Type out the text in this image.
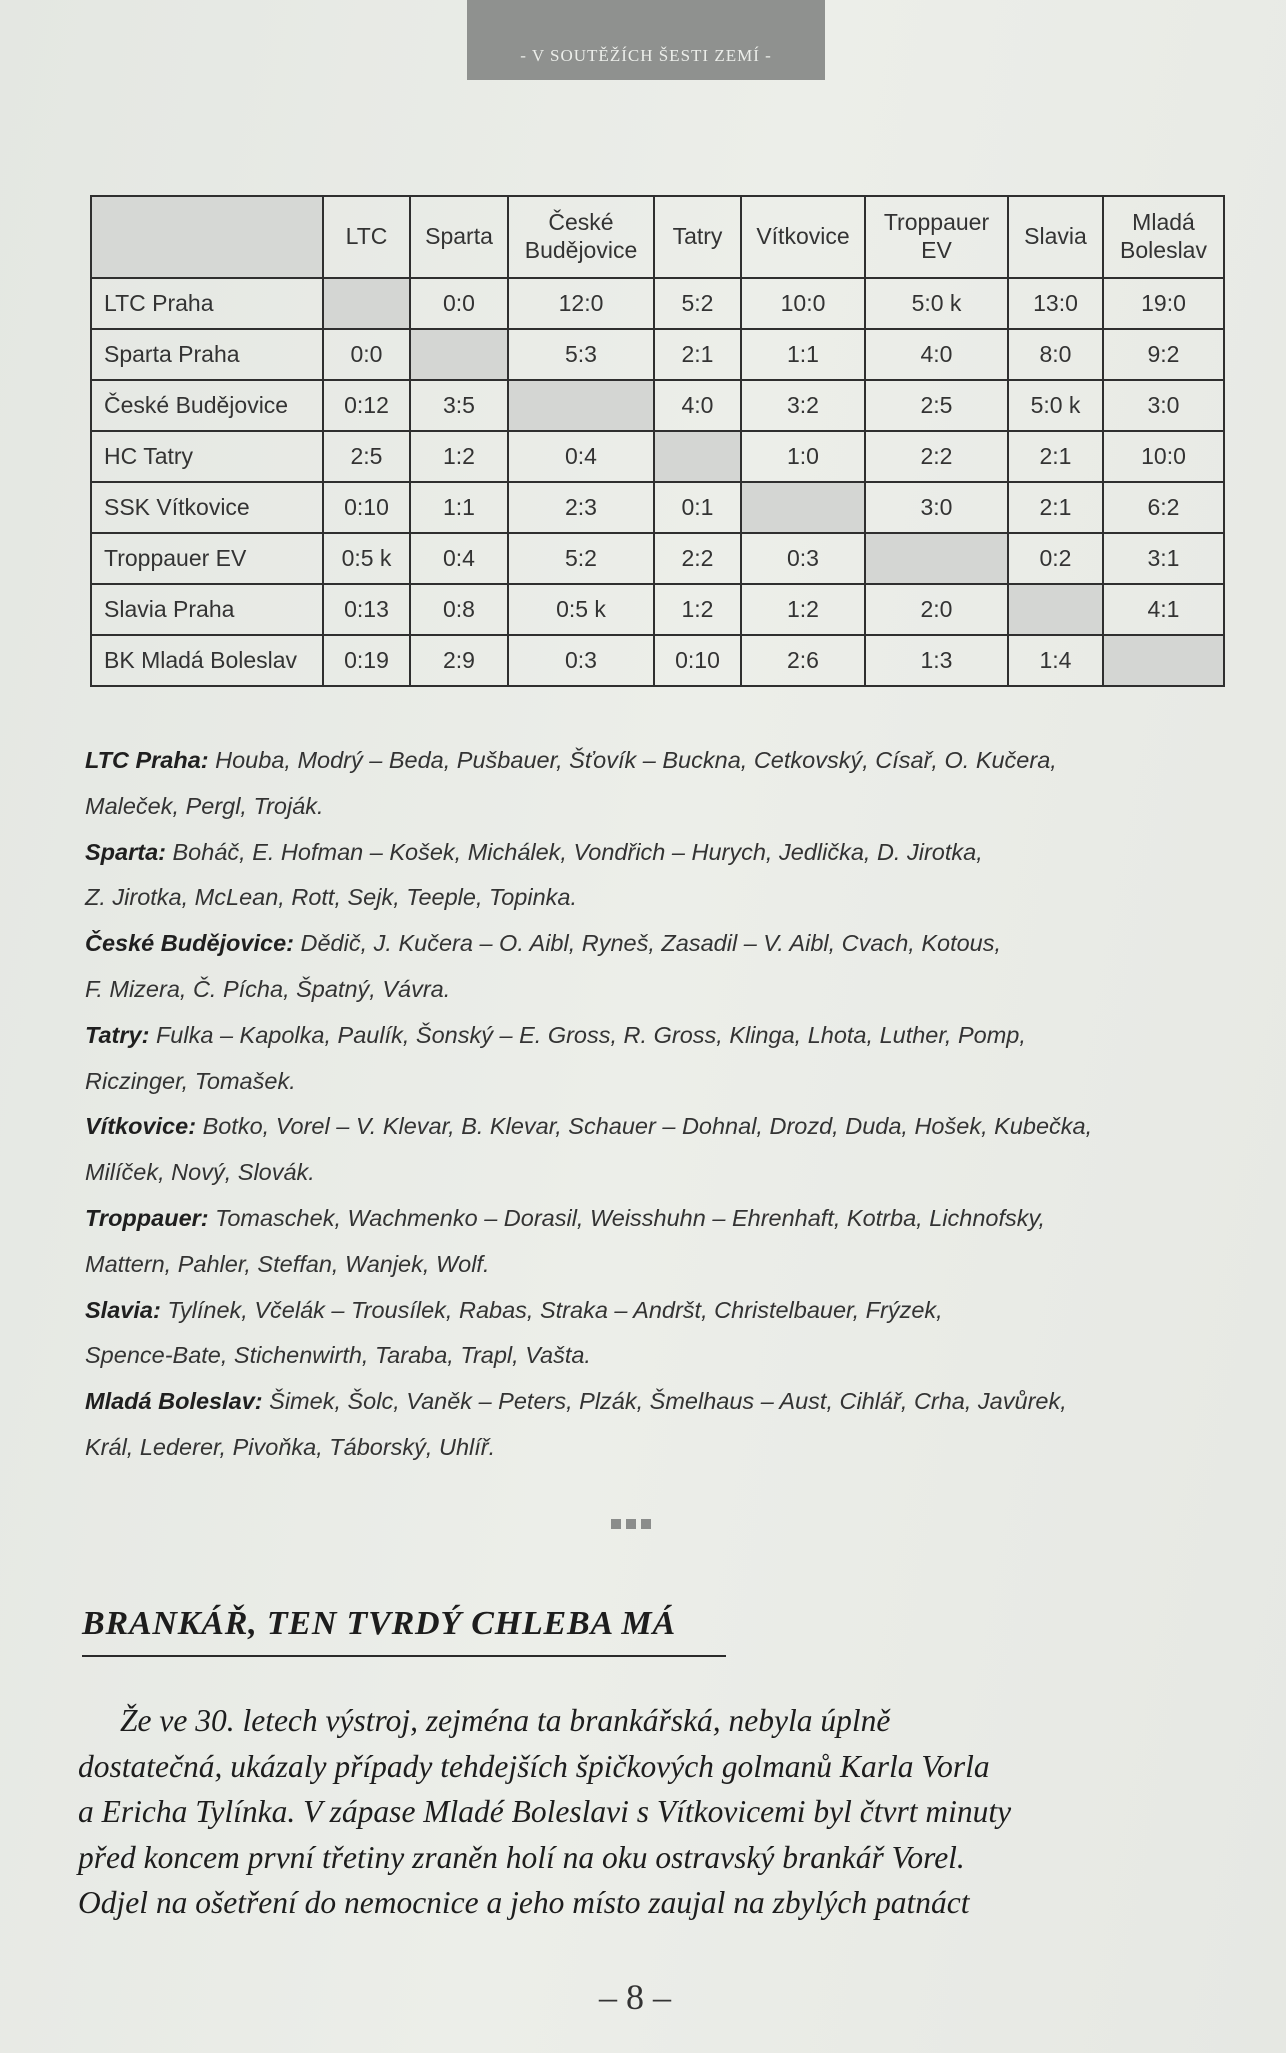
- V SOUTĚŽÍCH ŠESTI ZEMÍ -
	LTC	Sparta	České Budějovice	Tatry	Vítkovice	Troppauer EV	Slavia	Mladá Boleslav
LTC Praha		0:0	12:0	5:2	10:0	5:0 k	13:0	19:0
Sparta Praha	0:0		5:3	2:1	1:1	4:0	8:0	9:2
České Budějovice	0:12	3:5		4:0	3:2	2:5	5:0 k	3:0
HC Tatry	2:5	1:2	0:4		1:0	2:2	2:1	10:0
SSK Vítkovice	0:10	1:1	2:3	0:1		3:0	2:1	6:2
Troppauer EV	0:5 k	0:4	5:2	2:2	0:3		0:2	3:1
Slavia Praha	0:13	0:8	0:5 k	1:2	1:2	2:0		4:1
BK Mladá Boleslav	0:19	2:9	0:3	0:10	2:6	1:3	1:4	
LTC Praha: Houba, Modrý – Beda, Pušbauer, Šťovík – Buckna, Cetkovský, Císař, O. Kučera,
Maleček, Pergl, Troják.
Sparta: Boháč, E. Hofman – Košek, Michálek, Vondřich – Hurych, Jedlička, D. Jirotka,
Z. Jirotka, McLean, Rott, Sejk, Teeple, Topinka.
České Budějovice: Dědič, J. Kučera – O. Aibl, Ryneš, Zasadil – V. Aibl, Cvach, Kotous,
F. Mizera, Č. Pícha, Špatný, Vávra.
Tatry: Fulka – Kapolka, Paulík, Šonský – E. Gross, R. Gross, Klinga, Lhota, Luther, Pomp,
Riczinger, Tomašek.
Vítkovice: Botko, Vorel – V. Klevar, B. Klevar, Schauer – Dohnal, Drozd, Duda, Hošek, Kubečka,
Milíček, Nový, Slovák.
Troppauer: Tomaschek, Wachmenko – Dorasil, Weisshuhn – Ehrenhaft, Kotrba, Lichnofsky,
Mattern, Pahler, Steffan, Wanjek, Wolf.
Slavia: Tylínek, Včelák – Trousílek, Rabas, Straka – Andršt, Christelbauer, Frýzek,
Spence-Bate, Stichenwirth, Taraba, Trapl, Vašta.
Mladá Boleslav: Šimek, Šolc, Vaněk – Peters, Plzák, Šmelhaus – Aust, Cihlář, Crha, Javůrek,
Král, Lederer, Pivoňka, Táborský, Uhlíř.
BRANKÁŘ, TEN TVRDÝ CHLEBA MÁ
Že ve 30. letech výstroj, zejména ta brankářská, nebyla úplně
dostatečná, ukázaly případy tehdejších špičkových golmanů Karla Vorla
a Ericha Tylínka. V zápase Mladé Boleslavi s Vítkovicemi byl čtvrt minuty
před koncem první třetiny zraněn holí na oku ostravský brankář Vorel.
Odjel na ošetření do nemocnice a jeho místo zaujal na zbylých patnáct
– 8 –
